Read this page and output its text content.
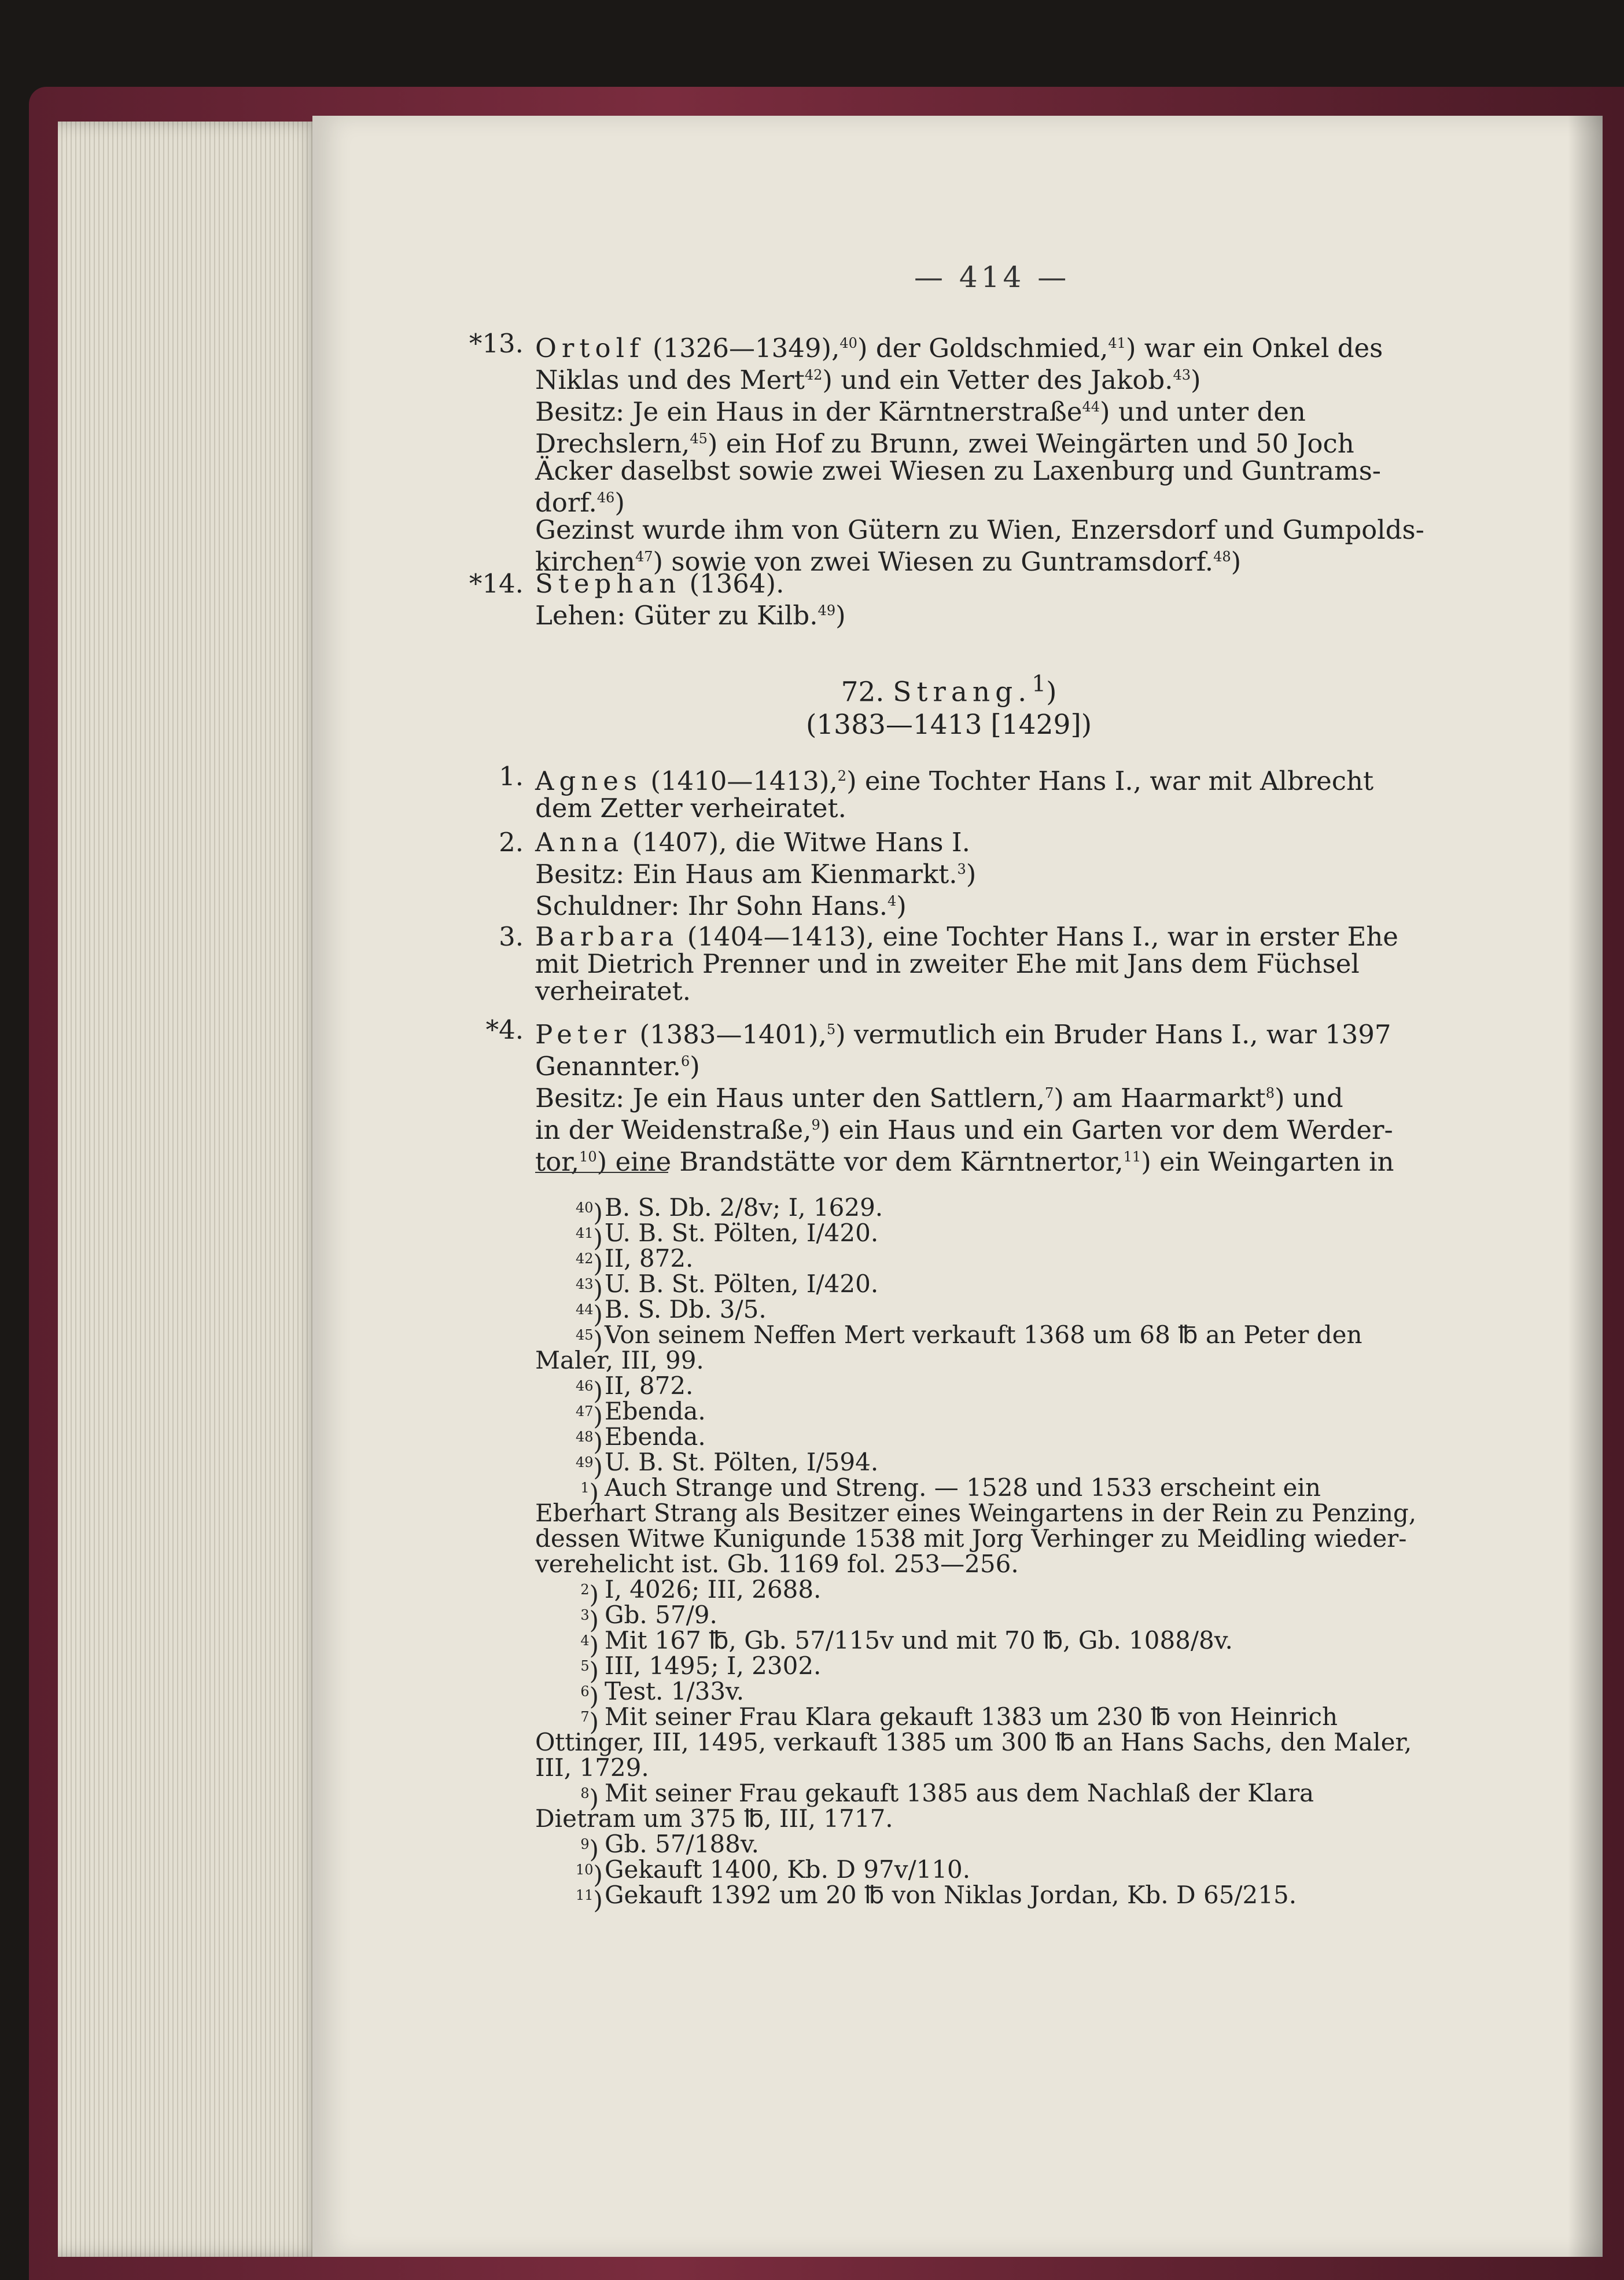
— 414 —
*13. Ortolf (1326—1349),$^{40}$) der Goldschmied,$^{41}$) war ein Onkel des
Niklas und des Mert$^{42}$) und ein Vetter des Jakob.$^{43}$)
Besitz: Je ein Haus in der Kärntnerstraße$^{44}$) und unter den
Drechslern,$^{45}$) ein Hof zu Brunn, zwei Weingärten und 50 Joch
Äcker daselbst sowie zwei Wiesen zu Laxenburg und Guntrams-
dorf.$^{46}$)
Gezinst wurde ihm von Gütern zu Wien, Enzersdorf und Gumpolds-
kirchen$^{47}$) sowie von zwei Wiesen zu Guntramsdorf.$^{48}$)
*14. Stephan (1364).
Lehen: Güter zu Kilb.$^{49}$)
72. Strang.$^1$)
(1383—1413 [1429])
1. Agnes (1410—1413),$^2$) eine Tochter Hans I., war mit Albrecht
dem Zetter verheiratet.
2. Anna (1407), die Witwe Hans I.
Besitz: Ein Haus am Kienmarkt.$^3$)
Schuldner: Ihr Sohn Hans.$^4$)
3. Barbara (1404—1413), eine Tochter Hans I., war in erster Ehe
mit Dietrich Prenner und in zweiter Ehe mit Jans dem Füchsel
verheiratet.
*4. Peter (1383—1401),$^5$) vermutlich ein Bruder Hans I., war 1397
Genannter.$^6$)
Besitz: Je ein Haus unter den Sattlern,$^7$) am Haarmarkt$^8$) und
in der Weidenstraße,$^9$) ein Haus und ein Garten vor dem Werder-
tor,$^{10}$) eine Brandstätte vor dem Kärntnertor,$^{11}$) ein Weingarten in
$^{40}$) B. S. Db. 2/8v; I, 1629.
$^{41}$) U. B. St. Pölten, I/420.
$^{42}$) II, 872.
$^{43}$) U. B. St. Pölten, I/420.
$^{44}$) B. S. Db. 3/5.
$^{45}$) Von seinem Neffen Mert verkauft 1368 um 68 ℔ an Peter den
Maler, III, 99.
$^{46}$) II, 872.
$^{47}$) Ebenda.
$^{48}$) Ebenda.
$^{49}$) U. B. St. Pölten, I/594.
$^1$) Auch Strange und Streng. — 1528 und 1533 erscheint ein
Eberhart Strang als Besitzer eines Weingartens in der Rein zu Penzing,
dessen Witwe Kunigunde 1538 mit Jorg Verhinger zu Meidling wieder-
verehelicht ist. Gb. 1169 fol. 253—256.
$^2$) I, 4026; III, 2688.
$^3$) Gb. 57/9.
$^4$) Mit 167 ℔, Gb. 57/115v und mit 70 ℔, Gb. 1088/8v.
$^5$) III, 1495; I, 2302.
$^6$) Test. 1/33v.
$^7$) Mit seiner Frau Klara gekauft 1383 um 230 ℔ von Heinrich
Ottinger, III, 1495, verkauft 1385 um 300 ℔ an Hans Sachs, den Maler,
III, 1729.
$^8$) Mit seiner Frau gekauft 1385 aus dem Nachlaß der Klara
Dietram um 375 ℔, III, 1717.
$^9$) Gb. 57/188v.
$^{10}$) Gekauft 1400, Kb. D 97v/110.
$^{11}$) Gekauft 1392 um 20 ℔ von Niklas Jordan, Kb. D 65/215.
